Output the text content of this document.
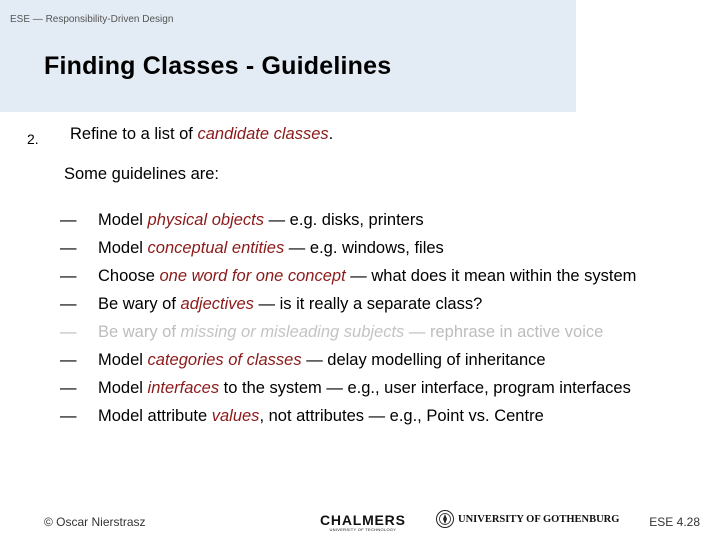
ESE — Responsibility-Driven Design
Finding Classes - Guidelines
2. Refine to a list of candidate classes.
Some guidelines are:
—	Model physical objects — e.g. disks, printers
—	Model conceptual entities — e.g. windows, files
—	Choose one word for one concept — what does it mean within the system
—	Be wary of adjectives — is it really a separate class?
—	Be wary of missing or misleading subjects — rephrase in active voice
—	Model categories of classes — delay modelling of inheritance
—	Model interfaces to the system — e.g., user interface, program interfaces
—	Model attribute values, not attributes — e.g., Point vs. Centre
© Oscar Nierstrasz	CHALMERS
UNIVERSITY OF TECHNOLOGY
UNIVERSITY OF GOTHENBURG ESE 4.28
